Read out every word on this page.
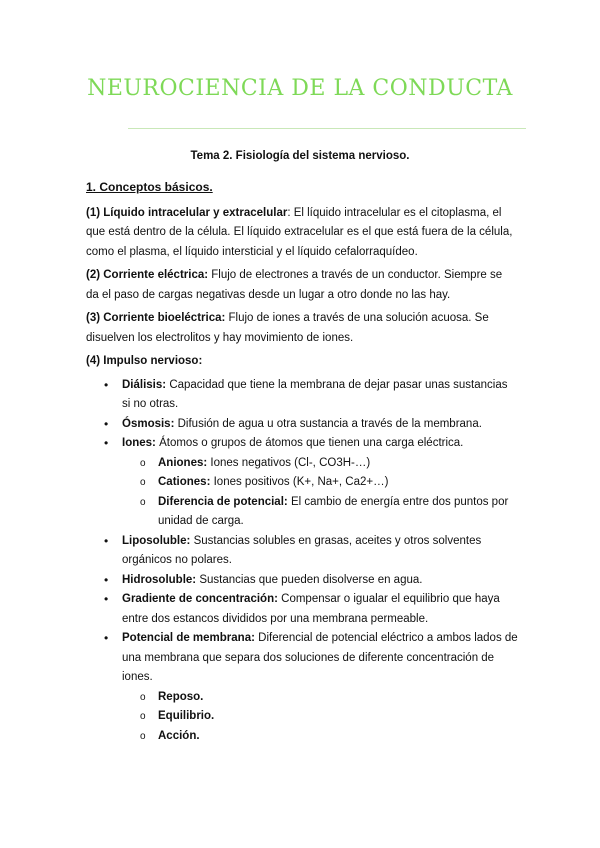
NEUROCIENCIA DE LA CONDUCTA
Tema 2. Fisiología del sistema nervioso.

1. Conceptos básicos.

(1) Líquido intracelular y extracelular: El líquido intracelular es el citoplasma, el que está dentro de la célula. El líquido extracelular es el que está fuera de la célula, como el plasma, el líquido intersticial y el líquido cefalorraquídeo.

(2) Corriente eléctrica: Flujo de electrones a través de un conductor. Siempre se da el paso de cargas negativas desde un lugar a otro donde no las hay.

(3) Corriente bioeléctrica: Flujo de iones a través de una solución acuosa. Se disuelven los electrolitos y hay movimiento de iones.

(4) Impulso nervioso:

• Diálisis: Capacidad que tiene la membrana de dejar pasar unas sustancias si no otras.
• Ósmosis: Difusión de agua u otra sustancia a través de la membrana.
• Iones: Átomos o grupos de átomos que tienen una carga eléctrica.
o Aniones: Iones negativos (Cl-, CO3H-…)
o Cationes: Iones positivos (K+, Na+, Ca2+…)
o Diferencia de potencial: El cambio de energía entre dos puntos por unidad de carga.
• Liposoluble: Sustancias solubles en grasas, aceites y otros solventes orgánicos no polares.
• Hidrosoluble: Sustancias que pueden disolverse en agua.
• Gradiente de concentración: Compensar o igualar el equilibrio que haya entre dos estancos divididos por una membrana permeable.
• Potencial de membrana: Diferencial de potencial eléctrico a ambos lados de una membrana que separa dos soluciones de diferente concentración de iones.
o Reposo.
o Equilibrio.
o Acción.
